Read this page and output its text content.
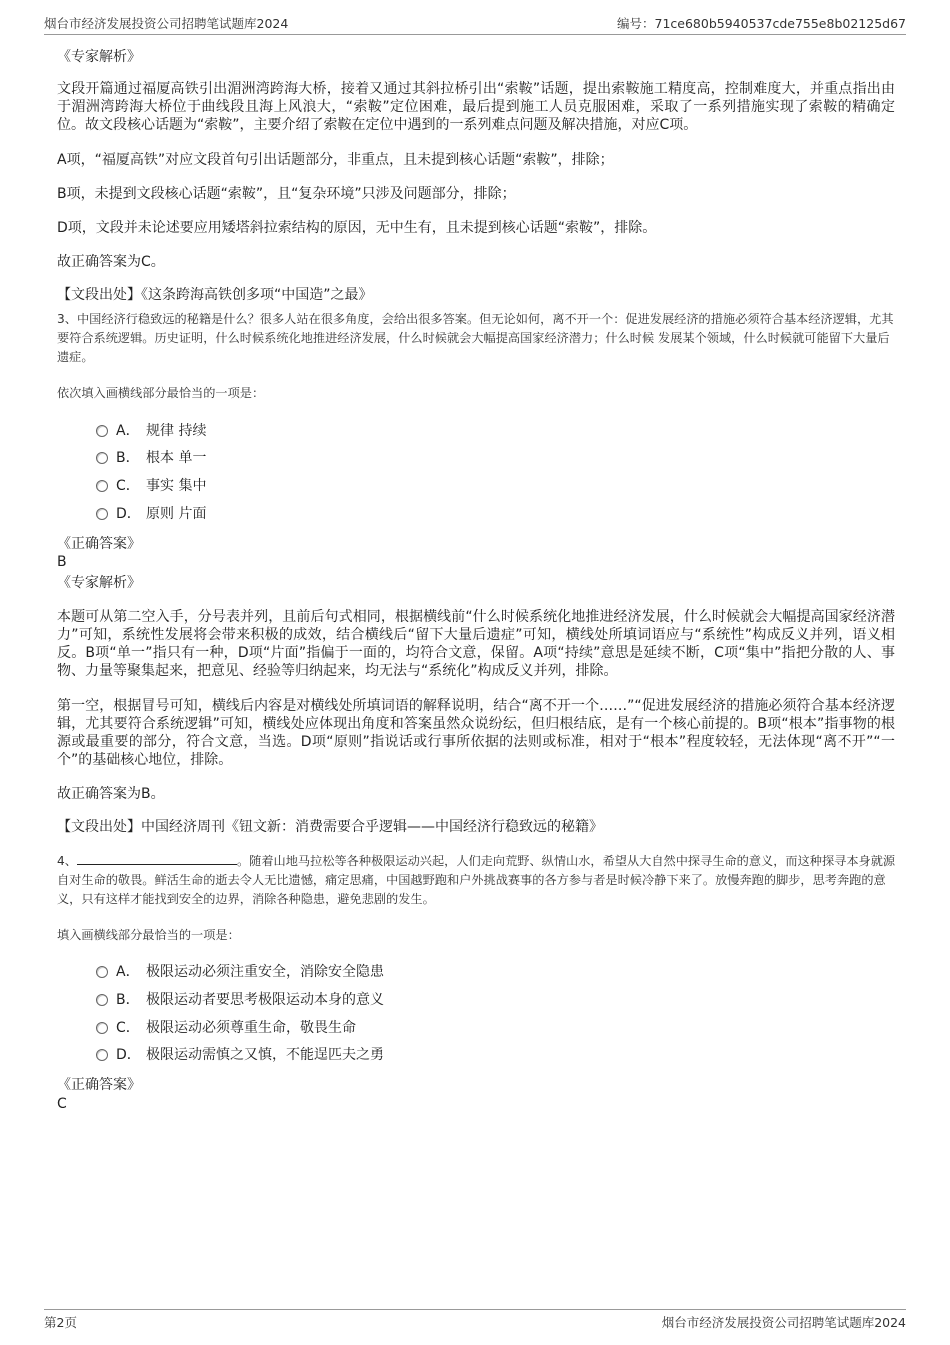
烟台市经济发展投资公司招聘笔试题库2024	编号：71ce680b5940537cde755e8b02125d67

《专家解析》

文段开篇通过福厦高铁引出湄洲湾跨海大桥，接着又通过其斜拉桥引出“索鞍”话题，提出索鞍施工精度高，控制难度大，并重点指出由于湄洲湾跨海大桥位于曲线段且海上风浪大，“索鞍”定位困难，最后提到施工人员克服困难，采取了一系列措施实现了索鞍的精确定位。故文段核心话题为“索鞍”，主要介绍了索鞍在定位中遇到的一系列难点问题及解决措施，对应C项。

A项，“福厦高铁”对应文段首句引出话题部分，非重点，且未提到核心话题“索鞍”，排除；

B项，未提到文段核心话题“索鞍”，且“复杂环境”只涉及问题部分，排除；

D项，文段并未论述要应用矮塔斜拉索结构的原因，无中生有，且未提到核心话题“索鞍”，排除。

故正确答案为C。

【文段出处】《这条跨海高铁创多项“中国造”之最》

3、中国经济行稳致远的秘籍是什么？很多人站在很多角度，会给出很多答案。但无论如何，离不开一个：促进发展经济的措施必须符合基本经济逻辑，尤其要符合系统逻辑。历史证明，什么时候系统化地推进经济发展，什么时候就会大幅提高国家经济潜力；什么时候 发展某个领域，什么时候就可能留下大量后遗症。

依次填入画横线部分最恰当的一项是：

A． 规律 持续
B． 根本 单一
C． 事实 集中
D． 原则 片面

《正确答案》

B

《专家解析》

本题可从第二空入手，分号表并列，且前后句式相同，根据横线前“什么时候系统化地推进经济发展，什么时候就会大幅提高国家经济潜力”可知，系统性发展将会带来积极的成效，结合横线后“留下大量后遗症”可知，横线处所填词语应与“系统性”构成反义并列，语义相反。B项“单一”指只有一种，D项“片面”指偏于一面的，均符合文意，保留。A项“持续”意思是延续不断，C项“集中”指把分散的人、事物、力量等聚集起来，把意见、经验等归纳起来，均无法与“系统化”构成反义并列，排除。

第一空，根据冒号可知，横线后内容是对横线处所填词语的解释说明，结合“离不开一个……”“促进发展经济的措施必须符合基本经济逻辑，尤其要符合系统逻辑”可知，横线处应体现出角度和答案虽然众说纷纭，但归根结底，是有一个核心前提的。B项“根本”指事物的根源或最重要的部分，符合文意，当选。D项“原则”指说话或行事所依据的法则或标准，相对于“根本”程度较轻，无法体现“离不开”“一个”的基础核心地位，排除。

故正确答案为B。

【文段出处】中国经济周刊《钮文新：消费需要合乎逻辑——中国经济行稳致远的秘籍》

4、	。随着山地马拉松等各种极限运动兴起，人们走向荒野、纵情山水，希望从大自然中探寻生命的意义，而这种探寻本身就源自对生命的敬畏。鲜活生命的逝去令人无比遗憾，痛定思痛，中国越野跑和户外挑战赛事的各方参与者是时候冷静下来了。放慢奔跑的脚步，思考奔跑的意义，只有这样才能找到安全的边界，消除各种隐患，避免悲剧的发生。

填入画横线部分最恰当的一项是：

A． 极限运动必须注重安全，消除安全隐患
B． 极限运动者要思考极限运动本身的意义
C． 极限运动必须尊重生命，敬畏生命
D． 极限运动需慎之又慎，不能逞匹夫之勇

《正确答案》

C

第2页	烟台市经济发展投资公司招聘笔试题库2024
